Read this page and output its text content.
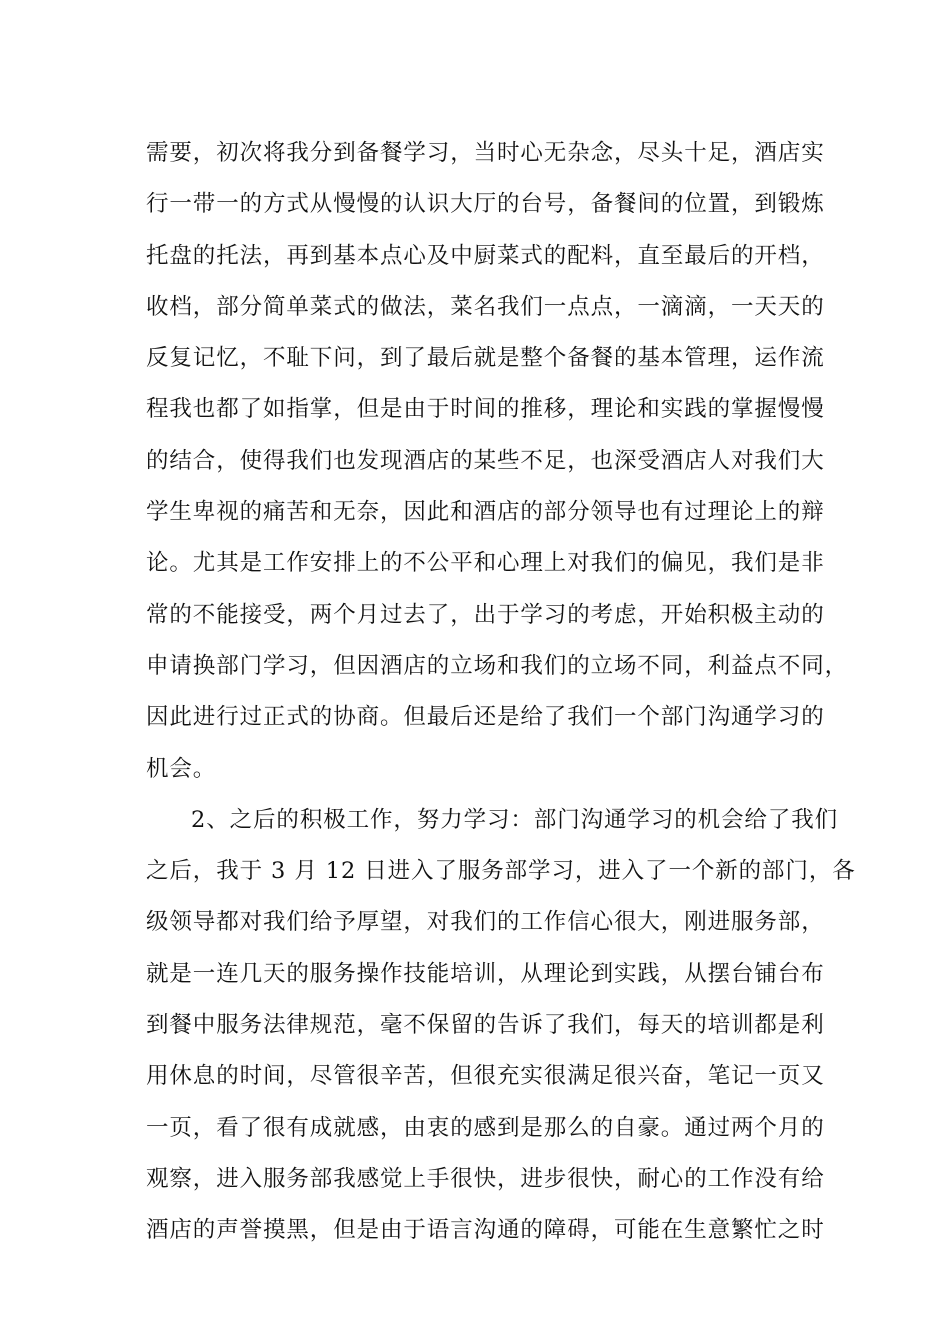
需要，初次将我分到备餐学习，当时心无杂念，尽头十足，酒店实
行一带一的方式从慢慢的认识大厅的台号，备餐间的位置，到锻炼
托盘的托法，再到基本点心及中厨菜式的配料，直至最后的开档，
收档，部分简单菜式的做法，菜名我们一点点，一滴滴，一天天的
反复记忆，不耻下问，到了最后就是整个备餐的基本管理，运作流
程我也都了如指掌，但是由于时间的推移，理论和实践的掌握慢慢
的结合，使得我们也发现酒店的某些不足，也深受酒店人对我们大
学生卑视的痛苦和无奈，因此和酒店的部分领导也有过理论上的辩
论。尤其是工作安排上的不公平和心理上对我们的偏见，我们是非
常的不能接受，两个月过去了，出于学习的考虑，开始积极主动的
申请换部门学习，但因酒店的立场和我们的立场不同，利益点不同，
因此进行过正式的协商。但最后还是给了我们一个部门沟通学习的
机会。
2、之后的积极工作，努力学习：部门沟通学习的机会给了我们
之后，我于 3 月 12 日进入了服务部学习，进入了一个新的部门，各
级领导都对我们给予厚望，对我们的工作信心很大，刚进服务部，
就是一连几天的服务操作技能培训，从理论到实践，从摆台铺台布
到餐中服务法律规范，毫不保留的告诉了我们，每天的培训都是利
用休息的时间，尽管很辛苦，但很充实很满足很兴奋，笔记一页又
一页，看了很有成就感，由衷的感到是那么的自豪。通过两个月的
观察，进入服务部我感觉上手很快，进步很快，耐心的工作没有给
酒店的声誉摸黑，但是由于语言沟通的障碍，可能在生意繁忙之时
